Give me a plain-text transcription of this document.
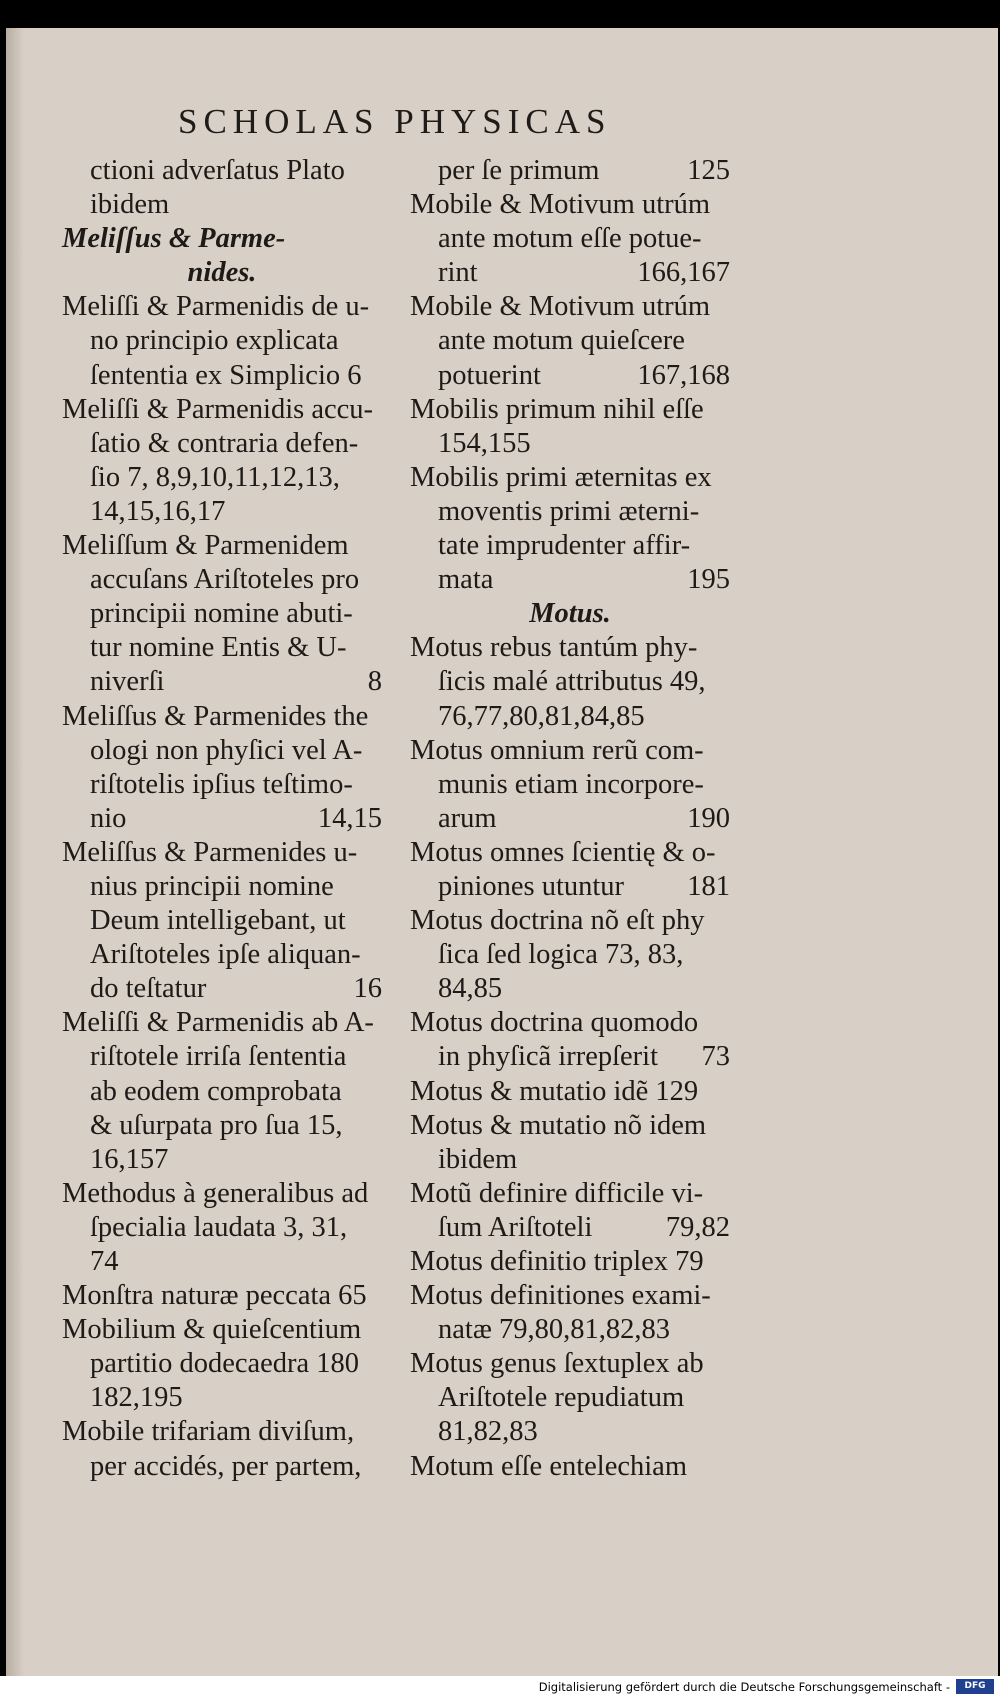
SCHOLAS PHYSICAS
ctioni adverſatus Plato
ibidem
Meliſſus & Parme-
nides.
Meliſſi & Parmenidis de u-
no principio explicata
ſententia ex Simplicio 6
Meliſſi & Parmenidis accu-
ſatio & contraria defen-
ſio 7, 8,9,10,11,12,13,
14,15,16,17
Meliſſum & Parmenidem
accuſans Ariſtoteles pro
principii nomine abuti-
tur nomine Entis & U-
niverſi	8
Meliſſus & Parmenides the
ologi non phyſici vel A-
riſtotelis ipſius teſtimo-
nio	14,15
Meliſſus & Parmenides u-
nius principii nomine
Deum intelligebant, ut
Ariſtoteles ipſe aliquan-
do teſtatur	16
Meliſſi & Parmenidis ab A-
riſtotele irriſa ſententia
ab eodem comprobata
& uſurpata pro ſua 15,
16,157
Methodus à generalibus ad
ſpecialia laudata 3, 31,
74
Monſtra naturæ peccata 65
Mobilium & quieſcentium
partitio dodecaedra 180
182,195
Mobile trifariam diviſum,
per accidés, per partem,
per ſe primum	125
Mobile & Motivum utrúm
ante motum eſſe potue-
rint	166,167
Mobile & Motivum utrúm
ante motum quieſcere
potuerint	167,168
Mobilis primum nihil eſſe
154,155
Mobilis primi æternitas ex
moventis primi æterni-
tate imprudenter affir-
mata	195
Motus.
Motus rebus tantúm phy-
ſicis malé attributus 49,
76,77,80,81,84,85
Motus omnium rerũ com-
munis etiam incorpore-
arum	190
Motus omnes ſcientię & o-
piniones utuntur 181
Motus doctrina nõ eſt phy
ſica ſed logica 73, 83,
84,85
Motus doctrina quomodo
in phyſicã irrepſerit 73
Motus & mutatio idẽ 129
Motus & mutatio nõ idem
ibidem
Motũ definire difficile vi-
ſum Ariſtoteli	79,82
Motus definitio triplex 79
Motus definitiones exami-
natæ 79,80,81,82,83
Motus genus ſextuplex ab
Ariſtotele repudiatum
81,82,83
Motum eſſe entelechiam
Digitalisierung gefördert durch die Deutsche Forschungsgemeinschaft -	DFG
